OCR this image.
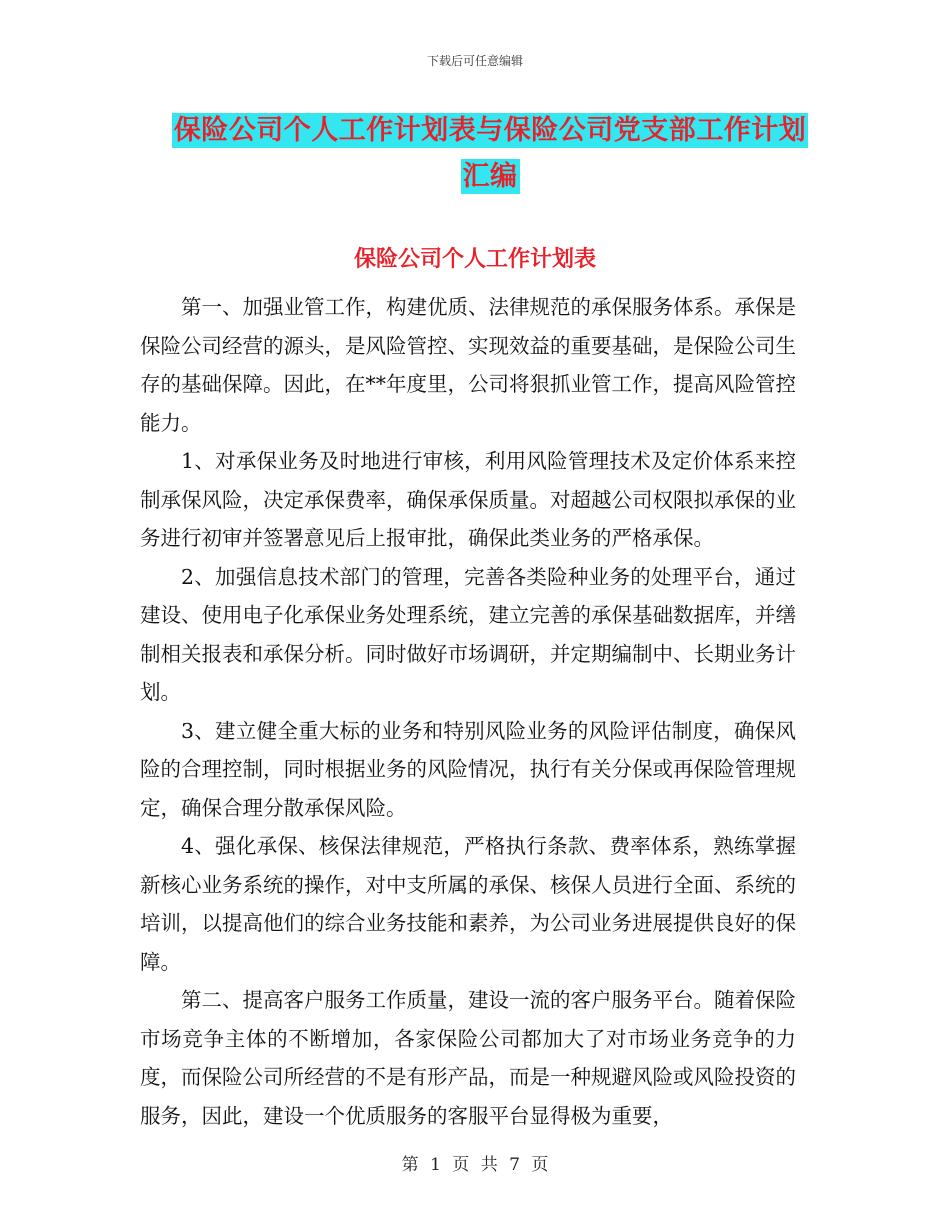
下载后可任意编辑
保险公司个人工作计划表与保险公司党支部工作计划
汇编
保险公司个人工作计划表

第一、加强业管工作，构建优质、法律规范的承保服务体系。承保是保险公司经营的源头，是风险管控、实现效益的重要基础，是保险公司生存的基础保障。因此，在**年度里，公司将狠抓业管工作，提高风险管控能力。

1、对承保业务及时地进行审核，利用风险管理技术及定价体系来控制承保风险，决定承保费率，确保承保质量。对超越公司权限拟承保的业务进行初审并签署意见后上报审批，确保此类业务的严格承保。

2、加强信息技术部门的管理，完善各类险种业务的处理平台，通过建设、使用电子化承保业务处理系统，建立完善的承保基础数据库，并缮制相关报表和承保分析。同时做好市场调研，并定期编制中、长期业务计划。

3、建立健全重大标的业务和特别风险业务的风险评估制度，确保风险的合理控制，同时根据业务的风险情况，执行有关分保或再保险管理规定，确保合理分散承保风险。

4、强化承保、核保法律规范，严格执行条款、费率体系，熟练掌握新核心业务系统的操作，对中支所属的承保、核保人员进行全面、系统的培训，以提高他们的综合业务技能和素养，为公司业务进展提供良好的保障。

第二、提高客户服务工作质量，建设一流的客户服务平台。随着保险市场竞争主体的不断增加，各家保险公司都加大了对市场业务竞争的力度，而保险公司所经营的不是有形产品，而是一种规避风险或风险投资的服务，因此，建设一个优质服务的客服平台显得极为重要，

第 1 页 共 7 页
